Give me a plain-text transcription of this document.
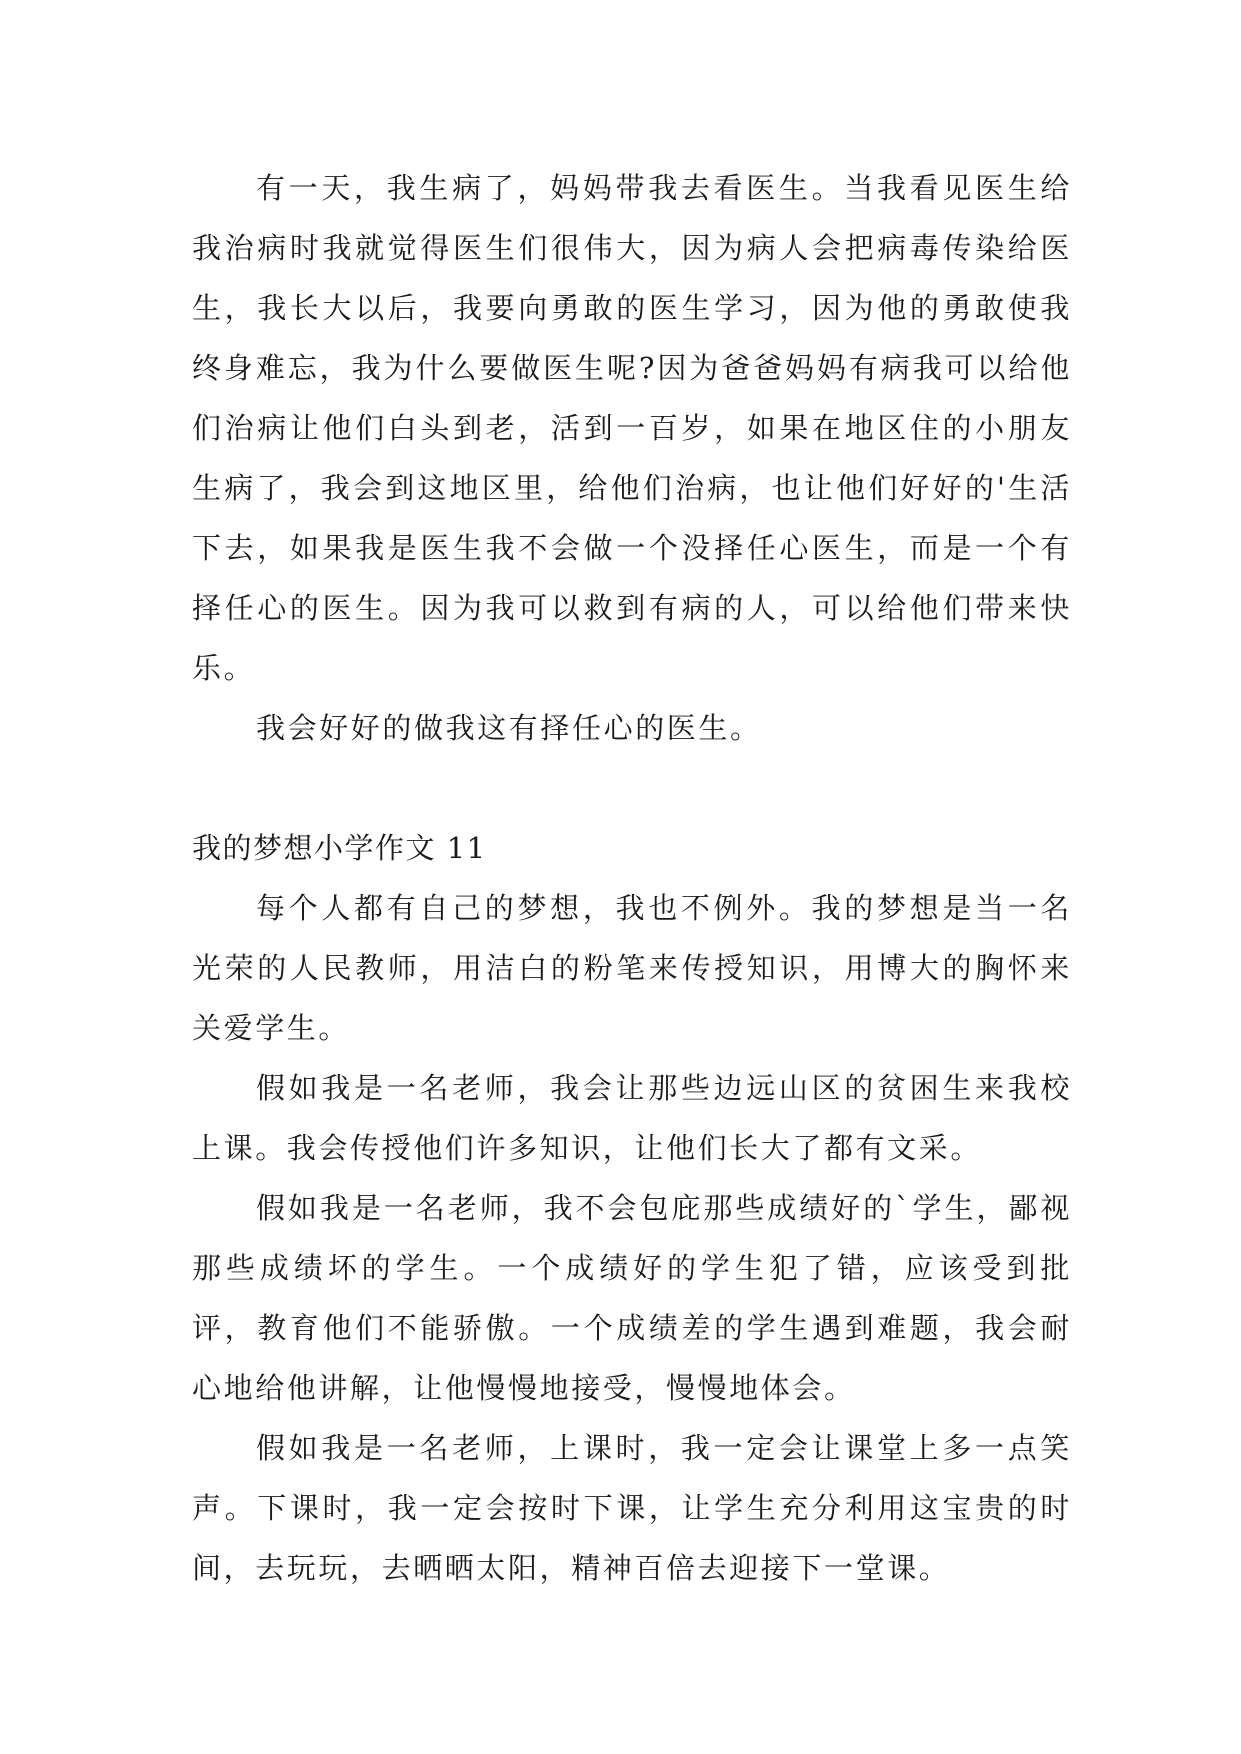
有一天，我生病了，妈妈带我去看医生。当我看见医生给我治病时我就觉得医生们很伟大，因为病人会把病毒传染给医生，我长大以后，我要向勇敢的医生学习，因为他的勇敢使我终身难忘，我为什么要做医生呢?因为爸爸妈妈有病我可以给他们治病让他们白头到老，活到一百岁，如果在地区住的小朋友生病了，我会到这地区里，给他们治病，也让他们好好的'生活下去，如果我是医生我不会做一个没择任心医生，而是一个有择任心的医生。因为我可以救到有病的人，可以给他们带来快乐。

我会好好的做我这有择任心的医生。

我的梦想小学作文 11

每个人都有自己的梦想，我也不例外。我的梦想是当一名光荣的人民教师，用洁白的粉笔来传授知识，用博大的胸怀来关爱学生。

假如我是一名老师，我会让那些边远山区的贫困生来我校上课。我会传授他们许多知识，让他们长大了都有文采。

假如我是一名老师，我不会包庇那些成绩好的`学生，鄙视那些成绩坏的学生。一个成绩好的学生犯了错，应该受到批评，教育他们不能骄傲。一个成绩差的学生遇到难题，我会耐心地给他讲解，让他慢慢地接受，慢慢地体会。

假如我是一名老师，上课时，我一定会让课堂上多一点笑声。下课时，我一定会按时下课，让学生充分利用这宝贵的时间，去玩玩，去晒晒太阳，精神百倍去迎接下一堂课。
